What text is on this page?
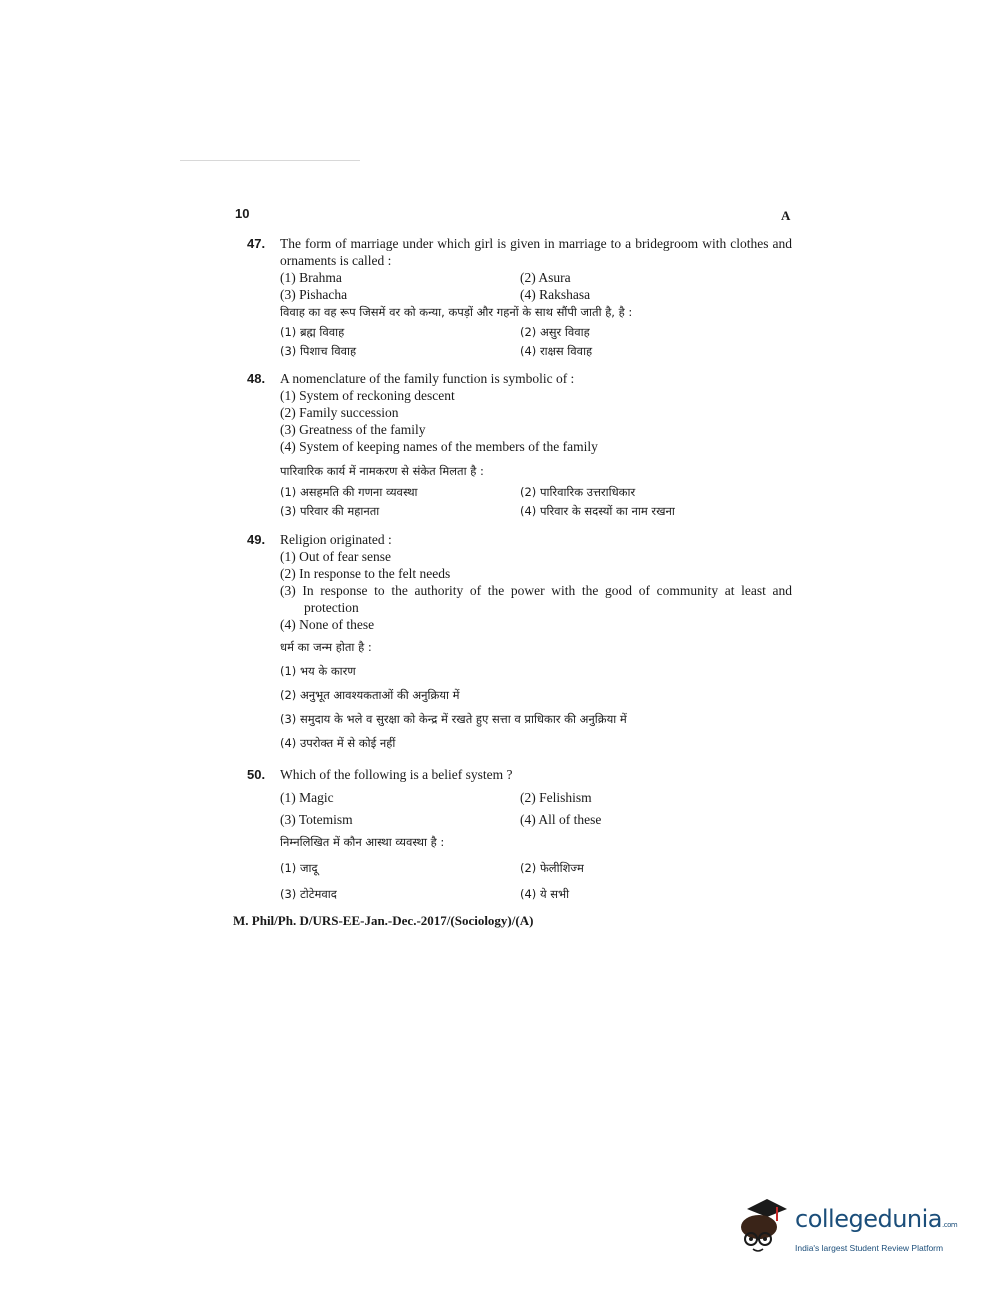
10	A
47. The form of marriage under which girl is given in marriage to a bridegroom with clothes and ornaments is called :
(1) Brahma	(2) Asura
(3) Pishacha	(4) Rakshasa
विवाह का वह रूप जिसमें वर को कन्या, कपड़ों और गहनों के साथ सौंपी जाती है, है :
(1) ब्रह्म विवाह	(2) असुर विवाह
(3) पिशाच विवाह	(4) राक्षस विवाह
48. A nomenclature of the family function is symbolic of :
(1) System of reckoning descent
(2) Family succession
(3) Greatness of the family
(4) System of keeping names of the members of the family
पारिवारिक कार्य में नामकरण से संकेत मिलता है :
(1) असहमति की गणना व्यवस्था	(2) पारिवारिक उत्तराधिकार
(3) परिवार की महानता	(4) परिवार के सदस्यों का नाम रखना
49. Religion originated :
(1) Out of fear sense
(2) In response to the felt needs
(3) In response to the authority of the power with the good of community at least and protection
(4) None of these
धर्म का जन्म होता है :
(1) भय के कारण
(2) अनुभूत आवश्यकताओं की अनुक्रिया में
(3) समुदाय के भले व सुरक्षा को केन्द्र में रखते हुए सत्ता व प्राधिकार की अनुक्रिया में
(4) उपरोक्त में से कोई नहीं
50. Which of the following is a belief system ?
(1) Magic	(2) Felishism
(3) Totemism	(4) All of these
निम्नलिखित में कौन आस्था व्यवस्था है :
(1) जादू	(2) फेलीशिज्म
(3) टोटेमवाद	(4) ये सभी
M. Phil/Ph. D/URS-EE-Jan.-Dec.-2017/(Sociology)/(A)
collegedunia.com
India's largest Student Review Platform
